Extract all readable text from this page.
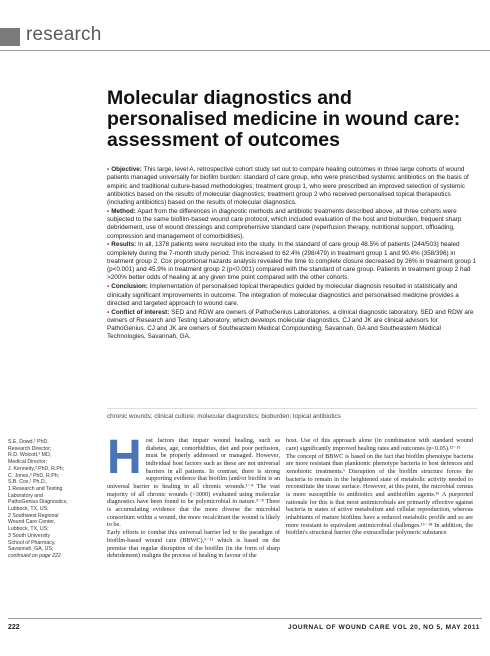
research
Molecular diagnostics and personalised medicine in wound care: assessment of outcomes
• Objective: This large, level A, retrospective cohort study set out to compare healing outcomes in three large cohorts of wound patients managed universally for biofilm burden: standard of care group, who were prescribed systemic antibiotics on the basis of empiric and traditional culture-based methodologies; treatment group 1, who were prescribed an improved selection of systemic antibiotics based on the results of molecular diagnostics; treatment group 2 who received personalised topical therapeutics (including antibiotics) based on the results of molecular diagnostics.
• Method: Apart from the differences in diagnostic methods and antibiotic treatments described above, all three cohorts were subjected to the same biofilm-based wound care protocol, which included evaluation of the host and bioburden, frequent sharp debridement, use of wound dressings and comprehensive standard care (reperfusion therapy, nutritional support, offloading, compression and management of comorbidities).
• Results: In all, 1378 patients were recruited into the study. In the standard of care group 48.5% of patients (244/503) healed completely during the 7-month study period. This increased to 62.4% (298/479) in treatment group 1 and 90.4% (358/396) in treatment group 2. Cox proportional hazards analysis revealed the time to complete closure decreased by 26% in treatment group 1 (p<0.001) and 45.9% in treatment group 2 (p<0.001) compared with the standard of care group. Patients in treatment group 2 had >200% better odds of healing at any given time point compared with the other cohorts.
• Conclusion: Implementation of personalised topical therapeutics guided by molecular diagnosis resulted in statistically and clinically significant improvements in outcome. The integration of molecular diagnostics and personalised medicine provides a directed and targeted approach to wound care.
• Conflict of interest: SED and RDW are owners of PathoGenius Laboratories, a clinical diagnostic laboratory. SED and RDW are owners of Research and Testing Laboratory, which develops molecular diagnostics. CJ and JK are clinical advisors for PathoGenius. CJ and JK are owners of Southeastern Medical Compounding, Savannah, GA and Southeastern Medical Technologies, Savannah, GA.
chronic wounds; clinical culture; molecular diagnostics; bioburden; topical antibiotics

S.E. Dowd,¹ PhD,

Research Director;

R.D. Wolcott,² MD,

Medical Director;

J. Kennedy,³ PhD, R.Ph;

C. Jones,³ PhD, R.Ph;

S.B. Cox,¹ Ph.D.,

1 Research and Testing

Laboratory and

PathoGenius Diagnostics,

Lubbock, TX, US;

2 Southwest Regional

Wound Care Center,

Lubbock, TX, US;

3 South University

School of Pharmacy,

Savannah, GA, US;

continued on page 222

Host factors that impair wound healing, such as diabetes, age, comorbidities, diet and poor perfusion, must be properly addressed or managed. However, individual host factors such as these are not universal barriers in all patients. In contrast, there is strong supporting evidence that biofilm (and/or biofilm is an universal barrier to healing in all chronic wounds.¹⁻⁴ The vast majority of all chronic wounds (>3000) evaluated using molecular diagnostics have been found to be polymicrobial in nature.⁵⁻⁸ There is accumulating evidence that the more diverse the microbial consortium within a wound, the more recalcitrant the wound is likely to be.

Early efforts to combat this universal barrier led to the paradigm of biofilm-based wound care (BBWC),⁹⁻¹¹ which is based on the premise that regular disruption of the biofilm (in the form of sharp debridement) realigns the process of healing in favour of the

host. Use of this approach alone (in combination with standard wound care) significantly improved healing rates and outcomes (p<0.05).¹²⁻¹⁵

The concept of BBWC is based on the fact that biofilm phenotype bacteria are more resistant than planktonic phenotype bacteria to host defences and xenobiotic treatments.¹ Disruption of the biofilm structure forces the bacteria to remain in the heightened state of metabolic activity needed to reconstitute the tissue surface. However, at this point, the microbial census is more susceptible to antibiotics and antibiofilm agents.¹⁵ A purported rationale for this is that most antimicrobials are primarily effective against bacteria in states of active metabolism and cellular reproduction, whereas inhabitants of mature biofilms have a reduced metabolic profile and so are more resistant to equivalent antimicrobial challenges.¹⁶⁻¹⁸ In addition, the biofilm's structural barrier (the extracellular polymeric substance

222	JOURNAL OF WOUND CARE VOL 20, NO 5, MAY 2011
